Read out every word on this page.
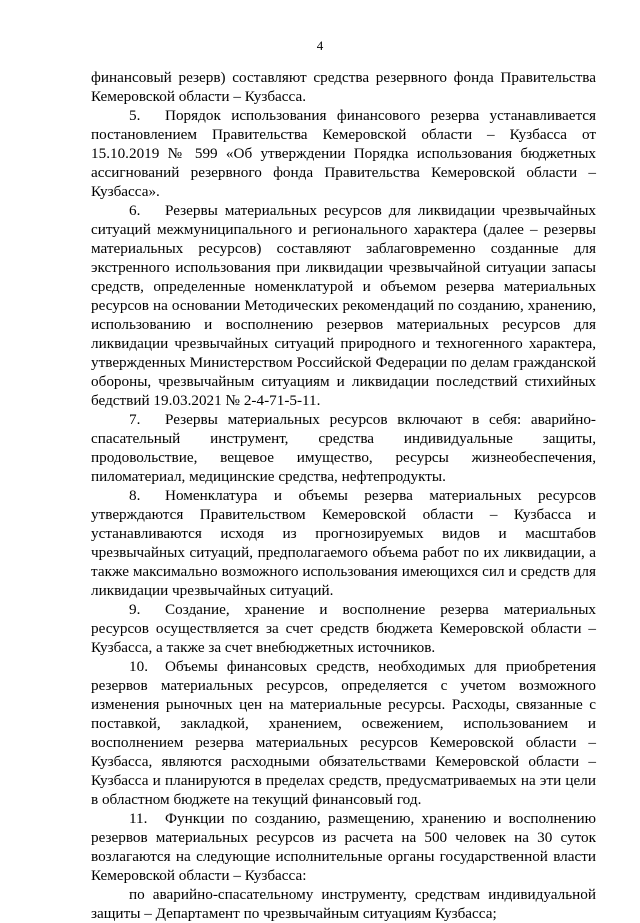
4

финансовый резерв) составляют средства резервного фонда Правительства Кемеровской области – Кузбасса.

5. Порядок использования финансового резерва устанавливается постановлением Правительства Кемеровской области – Кузбасса от 15.10.2019 № 599 «Об утверждении Порядка использования бюджетных ассигнований резервного фонда Правительства Кемеровской области – Кузбасса».

6. Резервы материальных ресурсов для ликвидации чрезвычайных ситуаций межмуниципального и регионального характера (далее – резервы материальных ресурсов) составляют заблаговременно созданные для экстренного использования при ликвидации чрезвычайной ситуации запасы средств, определенные номенклатурой и объемом резерва материальных ресурсов на основании Методических рекомендаций по созданию, хранению, использованию и восполнению резервов материальных ресурсов для ликвидации чрезвычайных ситуаций природного и техногенного характера, утвержденных Министерством Российской Федерации по делам гражданской обороны, чрезвычайным ситуациям и ликвидации последствий стихийных бедствий 19.03.2021 № 2-4-71-5-11.

7. Резервы материальных ресурсов включают в себя: аварийно-спасательный инструмент, средства индивидуальные защиты, продовольствие, вещевое имущество, ресурсы жизнеобеспечения, пиломатериал, медицинские средства, нефтепродукты.

8. Номенклатура и объемы резерва материальных ресурсов утверждаются Правительством Кемеровской области – Кузбасса и устанавливаются исходя из прогнозируемых видов и масштабов чрезвычайных ситуаций, предполагаемого объема работ по их ликвидации, а также максимально возможного использования имеющихся сил и средств для ликвидации чрезвычайных ситуаций.

9. Создание, хранение и восполнение резерва материальных ресурсов осуществляется за счет средств бюджета Кемеровской области – Кузбасса, а также за счет внебюджетных источников.

10. Объемы финансовых средств, необходимых для приобретения резервов материальных ресурсов, определяется с учетом возможного изменения рыночных цен на материальные ресурсы. Расходы, связанные с поставкой, закладкой, хранением, освежением, использованием и восполнением резерва материальных ресурсов Кемеровской области – Кузбасса, являются расходными обязательствами Кемеровской области – Кузбасса и планируются в пределах средств, предусматриваемых на эти цели в областном бюджете на текущий финансовый год.

11. Функции по созданию, размещению, хранению и восполнению резервов материальных ресурсов из расчета на 500 человек на 30 суток возлагаются на следующие исполнительные органы государственной власти Кемеровской области – Кузбасса:

по аварийно-спасательному инструменту, средствам индивидуальной защиты – Департамент по чрезвычайным ситуациям Кузбасса;
